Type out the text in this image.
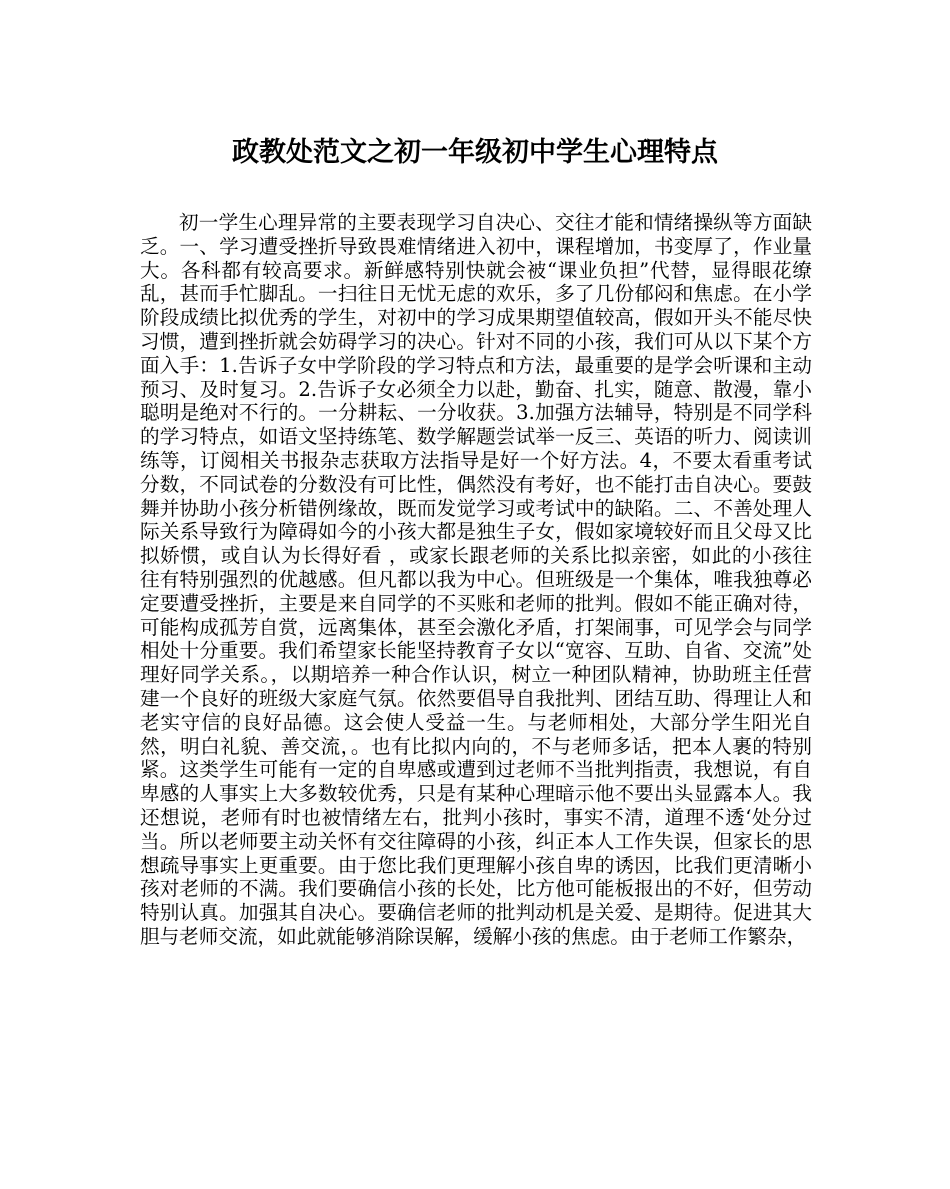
政教处范文之初一年级初中学生心理特点

初一学生心理异常的主要表现学习自决心、交往才能和情绪操纵等方面缺乏。一、学习遭受挫折导致畏难情绪进入初中，课程增加，书变厚了，作业量大。各科都有较高要求。新鲜感特别快就会被“课业负担”代替，显得眼花缭乱，甚而手忙脚乱。一扫往日无忧无虑的欢乐，多了几份郁闷和焦虑。在小学阶段成绩比拟优秀的学生，对初中的学习成果期望值较高，假如开头不能尽快习惯，遭到挫折就会妨碍学习的决心。针对不同的小孩，我们可从以下某个方面入手：1.告诉子女中学阶段的学习特点和方法，最重要的是学会听课和主动预习、及时复习。2.告诉子女必须全力以赴，勤奋、扎实，随意、散漫，靠小聪明是绝对不行的。一分耕耘、一分收获。3.加强方法辅导，特别是不同学科的学习特点，如语文坚持练笔、数学解题尝试举一反三、英语的听力、阅读训练等，订阅相关书报杂志获取方法指导是好一个好方法。4，不要太看重考试分数，不同试卷的分数没有可比性，偶然没有考好，也不能打击自决心。要鼓舞并协助小孩分析错例缘故，既而发觉学习或考试中的缺陷。二、不善处理人际关系导致行为障碍如今的小孩大都是独生子女，假如家境较好而且父母又比拟娇惯，或自认为长得好看 ，或家长跟老师的关系比拟亲密，如此的小孩往往有特别强烈的优越感。但凡都以我为中心。但班级是一个集体，唯我独尊必定要遭受挫折，主要是来自同学的不买账和老师的批判。假如不能正确对待，可能构成孤芳自赏，远离集体，甚至会激化矛盾，打架闹事，可见学会与同学相处十分重要。我们希望家长能坚持教育子女以“宽容、互助、自省、交流”处理好同学关系。，以期培养一种合作认识，树立一种团队精神，协助班主任营建一个良好的班级大家庭气氛。依然要倡导自我批判、团结互助、得理让人和老实守信的良好品德。这会使人受益一生。与老师相处，大部分学生阳光自然，明白礼貌、善交流，。也有比拟内向的，不与老师多话，把本人裹的特别紧。这类学生可能有一定的自卑感或遭到过老师不当批判指责，我想说，有自卑感的人事实上大多数较优秀，只是有某种心理暗示他不要出头显露本人。我还想说，老师有时也被情绪左右，批判小孩时，事实不清，道理不透‘处分过当。所以老师要主动关怀有交往障碍的小孩，纠正本人工作失误，但家长的思想疏导事实上更重要。由于您比我们更理解小孩自卑的诱因，比我们更清晰小孩对老师的不满。我们要确信小孩的长处，比方他可能板报出的不好，但劳动特别认真。加强其自决心。要确信老师的批判动机是关爱、是期待。促进其大胆与老师交流，如此就能够消除误解，缓解小孩的焦虑。由于老师工作繁杂，
